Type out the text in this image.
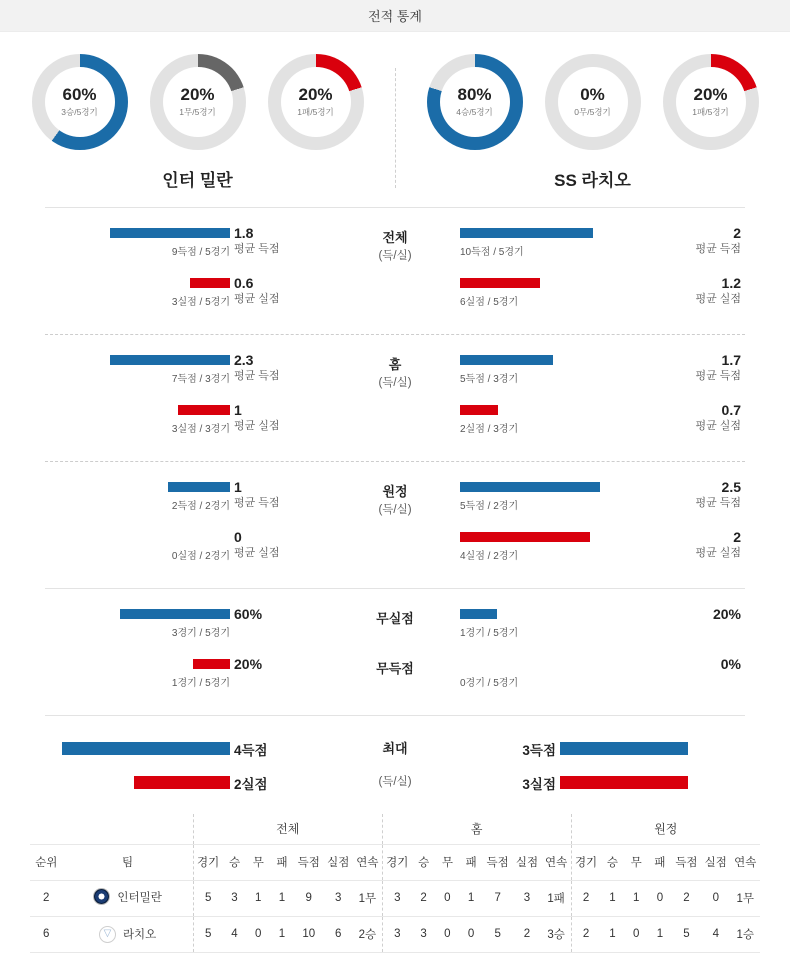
전적 통계
60%
3승/5경기
20%
1무/5경기
20%
1패/5경기
인터 밀란
80%
4승/5경기
0%
0무/5경기
20%
1패/5경기
SS 라치오
9득점 / 5경기
1.8
평균 득점
전체
(득/실)	10득점 / 5경기
2
평균 득점
3실점 / 5경기
0.6
평균 실점	6실점 / 5경기
1.2
평균 실점
7득점 / 3경기
2.3
평균 득점
홈
(득/실)	5득점 / 3경기
1.7
평균 득점
3실점 / 3경기
1
평균 실점	2실점 / 3경기
0.7
평균 실점
2득점 / 2경기
1
평균 득점
원정
(득/실)	5득점 / 2경기
2.5
평균 득점
0실점 / 2경기
0
평균 실점	4실점 / 2경기
2
평균 실점
3경기 / 5경기
60%	무실점
1경기 / 5경기
20%
1경기 / 5경기
20%	무득점
0경기 / 5경기
0%
4득점	최대	3득점
2실점	(득/실)	3실점
		전체							홈							원정						
순위	팀	경기	승	무	패	득점	실점	연속	경기	승	무	패	득점	실점	연속	경기	승	무	패	득점	실점	연속
2	인터밀란	5	3	1	1	9	3	1무	3	2	0	1	7	3	1패	2	1	1	0	2	0	1무
6	▽ 라치오	5	4	0	1	10	6	2승	3	3	0	0	5	2	3승	2	1	0	1	5	4	1승
